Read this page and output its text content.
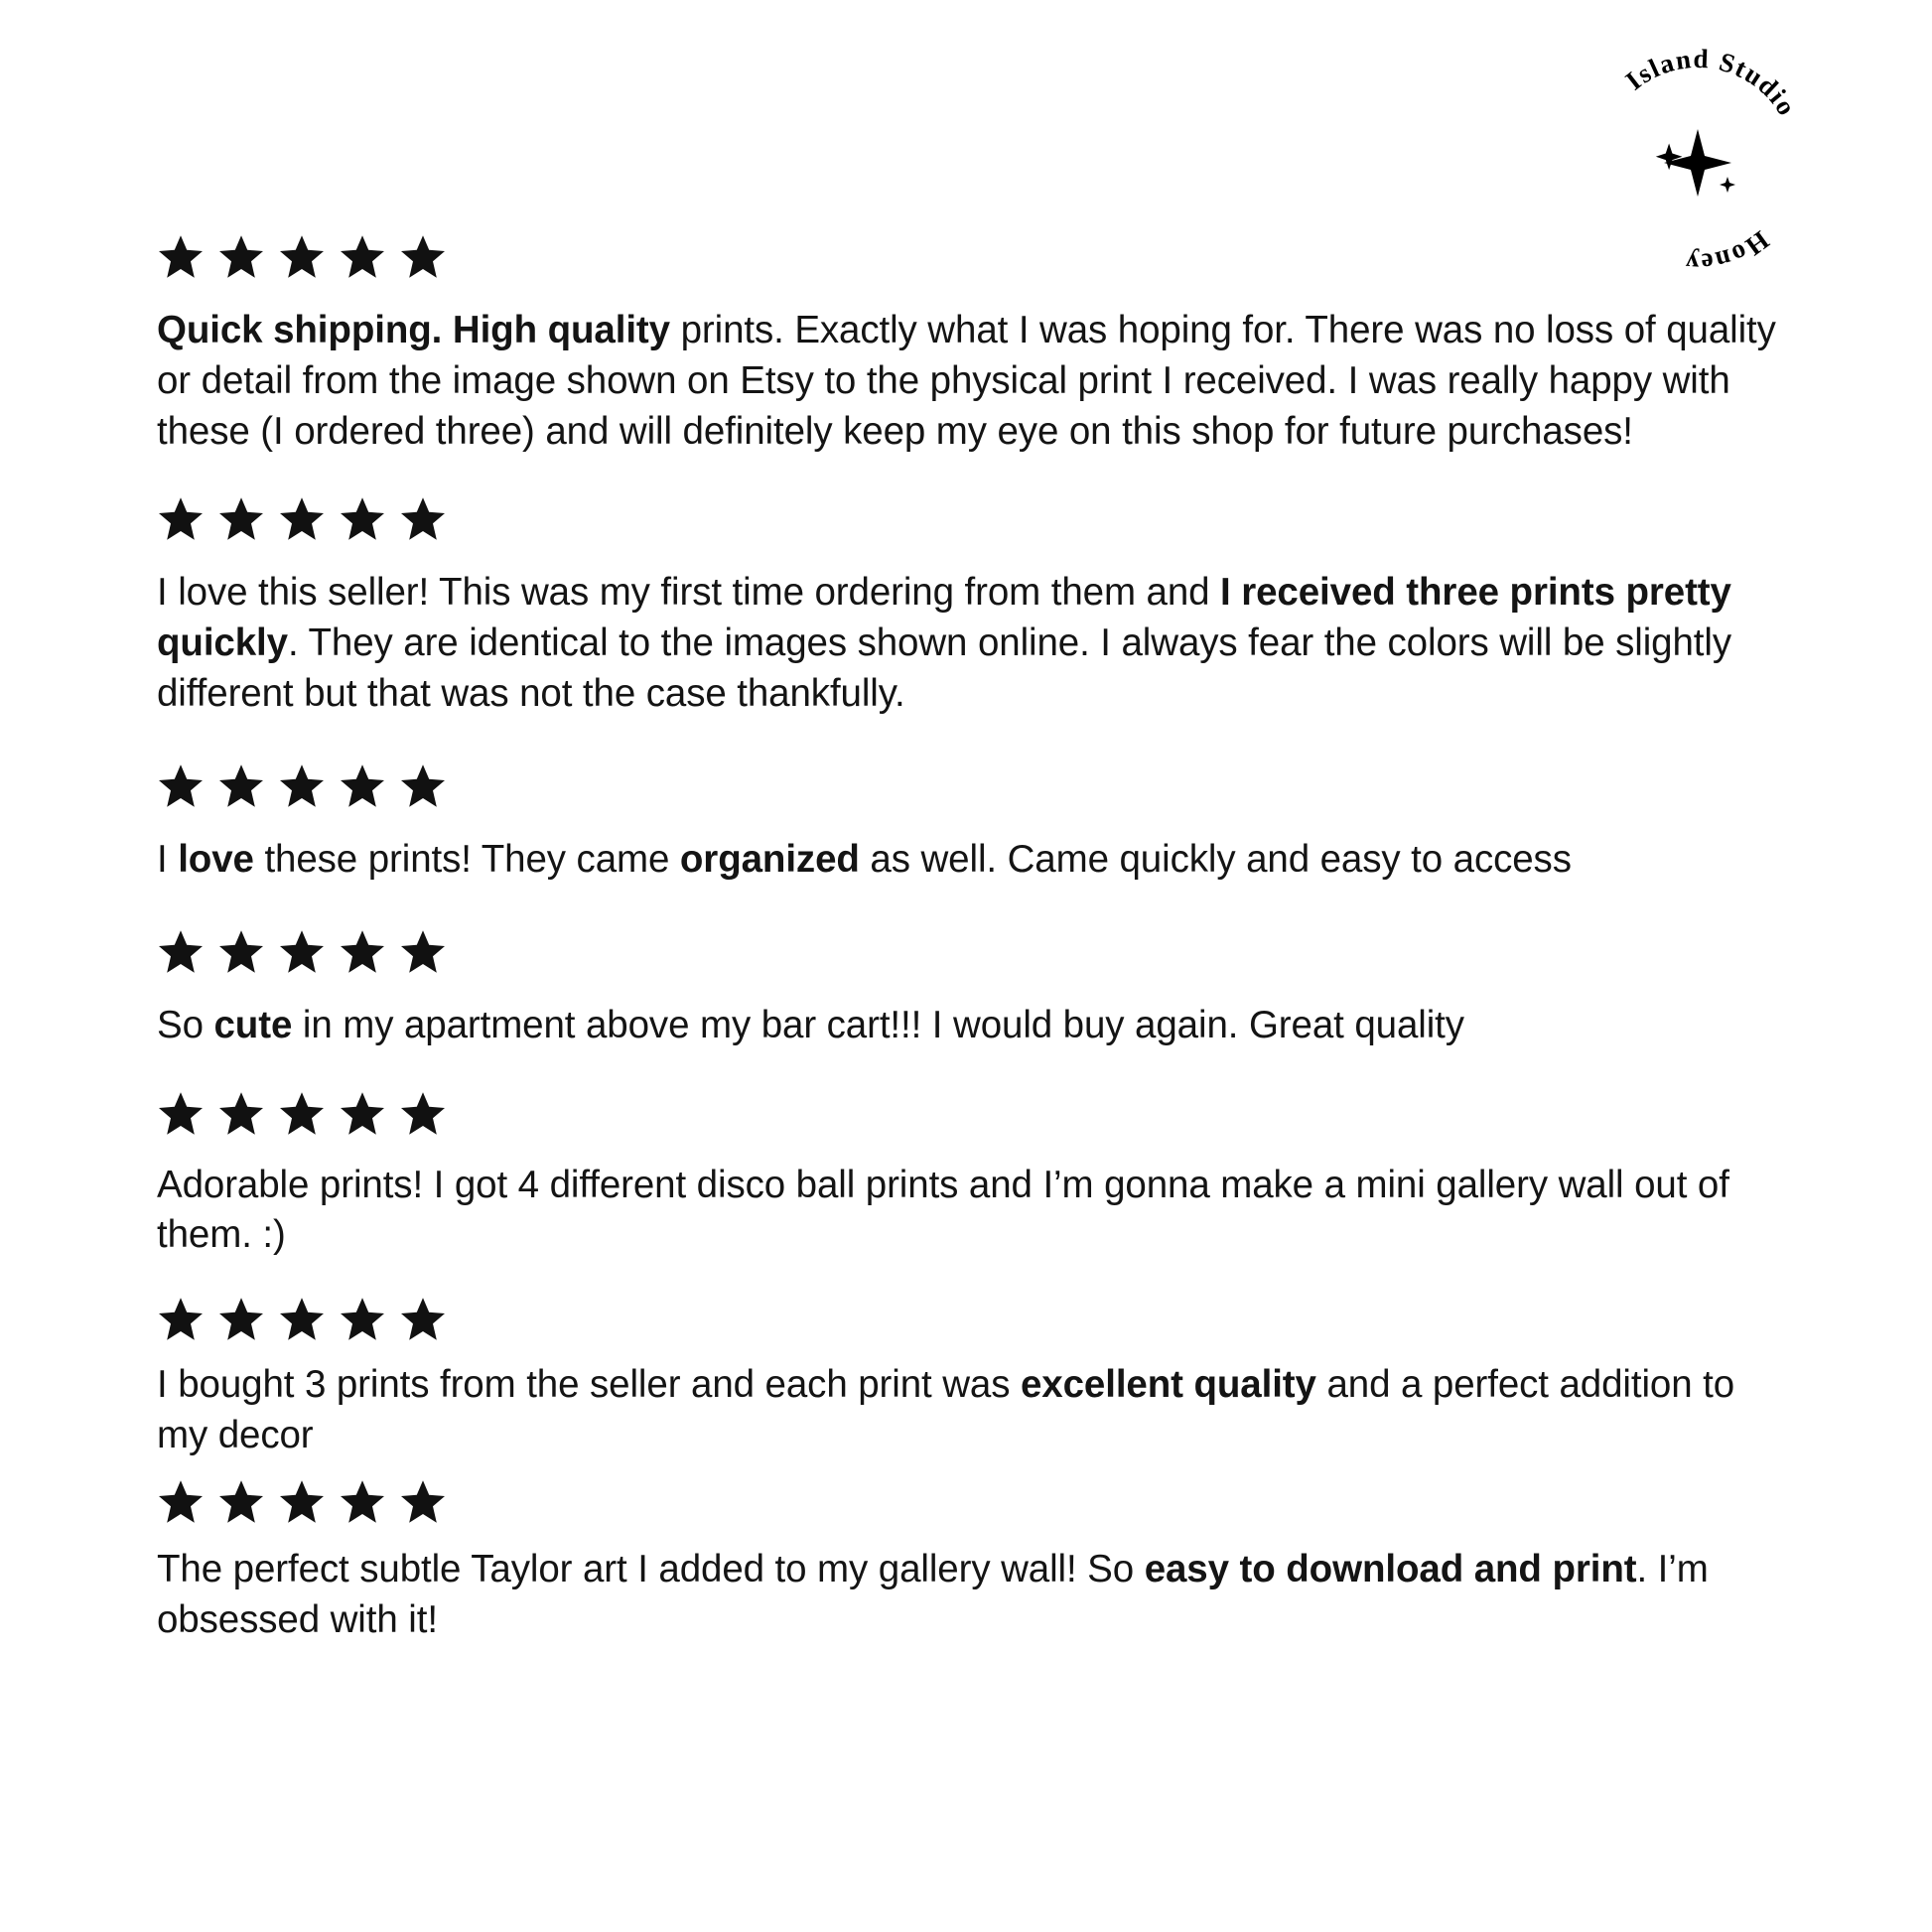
Island Studio
Honey
Quick shipping. High quality prints. Exactly what I was hoping for. There was no loss of quality or detail from the image shown on Etsy to the physical print I received. I was really happy with these (I ordered three) and will definitely keep my eye on this shop for future purchases!
I love this seller! This was my first time ordering from them and I received three prints pretty quickly. They are identical to the images shown online. I always fear the colors will be slightly different but that was not the case thankfully.
I love these prints! They came organized as well. Came quickly and easy to access
So cute in my apartment above my bar cart!!! I would buy again. Great quality
Adorable prints! I got 4 different disco ball prints and I’m gonna make a mini gallery wall out of them. :)
I bought 3 prints from the seller and each print was excellent quality and a perfect addition to my decor
The perfect subtle Taylor art I added to my gallery wall! So easy to download and print. I’m obsessed with it!
